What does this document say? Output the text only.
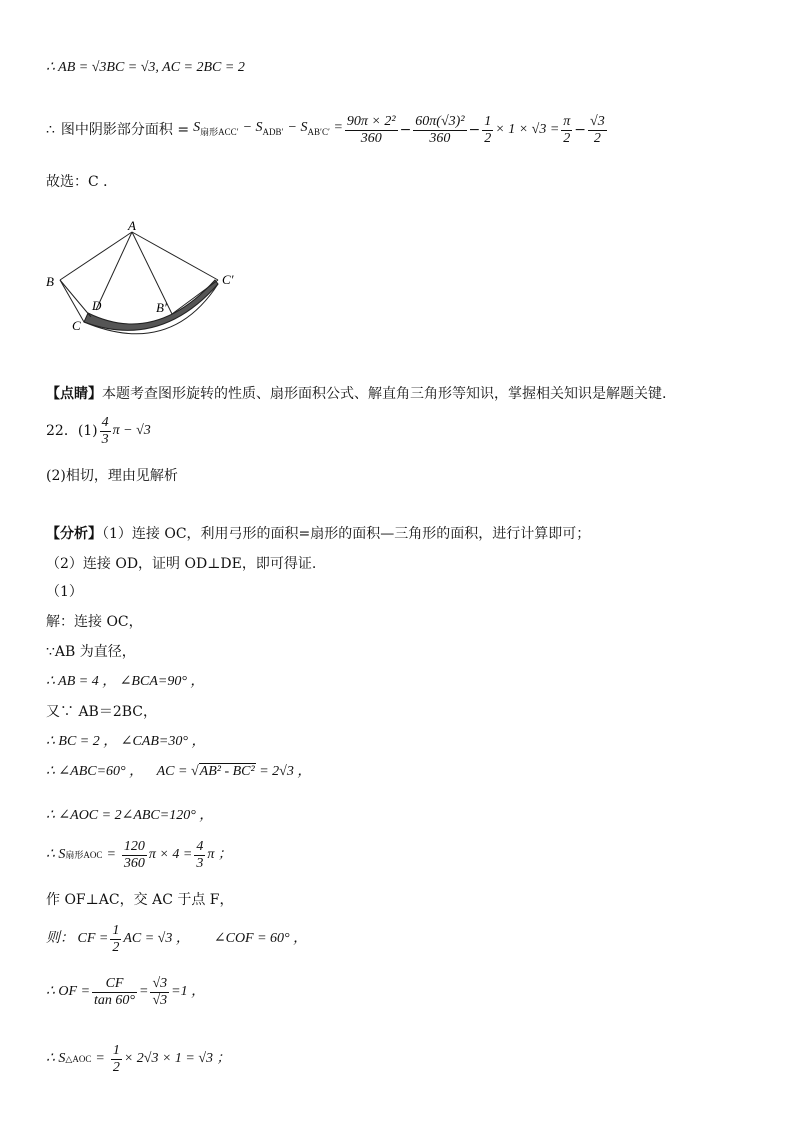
∴ AB = √3BC = √3, AC = 2BC = 2
∴ 图中阴影部分面积 = $S_{扇形ACC'} - S_{ADB'} - S_{AB'C'} = \frac{\text{90π × 2²}}{360} - \frac{\text{60π(√3)²}}{360} - \frac{1}{2} \times 1 \times √3 = \frac{\pi}{2} - \frac{√3}{2}$
故选：C ．
A
B
C
D	B′
C′
【点睛】本题考查图形旋转的性质、扇形面积公式、解直角三角形等知识，掌握相关知识是解题关键.
22．$(1) \frac{4}{3}$ π − √3
(2)相切，理由见解析
【分析】（1）连接 OC，利用弓形的面积=扇形的面积—三角形的面积，进行计算即可；
（2）连接 OD，证明 OD⊥DE，即可得证.
（1）
解：连接 OC，
∵AB 为直径，
∴ AB = 4 ， ∠BCA=90° ，
又∵ AB＝2BC，
∴ BC = 2 ， ∠CAB=30° ，
∴ ∠ABC=60° ， AC = √AB² - BC² = 2√3 ，
∴ ∠AOC = 2∠ABC=120° ，
∴ S 扇形AOC = $\frac{120}{360}$ $\pi \times 4 = \frac{4}{3}$ π ；
作 OF⊥AC，交 AC 于点 F，
则： CF = $\frac{1}{2}$ AC = √3 ， ∠COF = 60° ，
∴ OF = $\frac{CF}{\tan 60^\circ} = \frac{√3}{√3} =1$ ，
∴ S △AOC = $\frac{1}{2} \times 2√3 \times 1 = √3$ ；
